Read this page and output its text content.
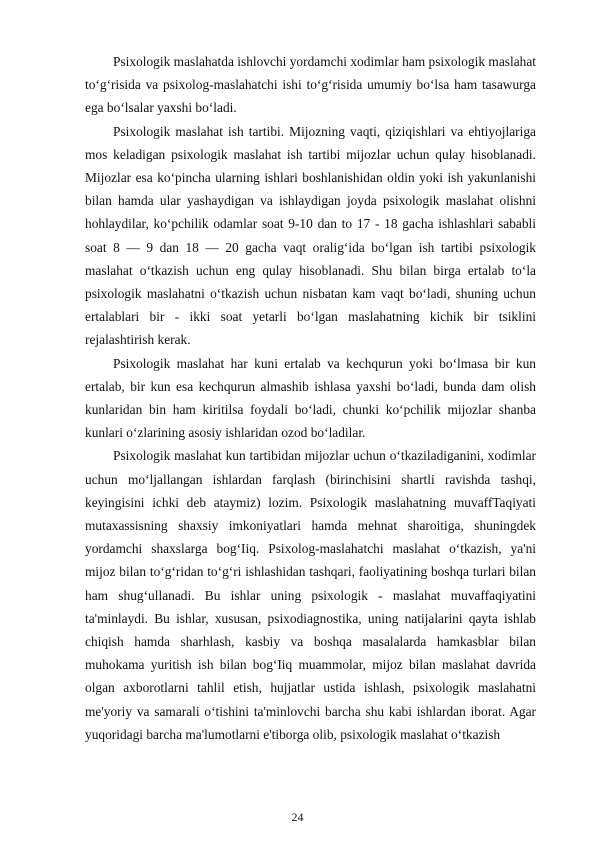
Psixologik maslahatda ishlovchi yordamchi xodimlar ham psixologik maslahat to‘g‘risida va psixolog-maslahatchi ishi to‘g‘risida umumiy bo‘lsa ham tasawurga ega bo‘lsalar yaxshi bo‘ladi.

Psixologik maslahat ish tartibi. Mijozning vaqti, qiziqishlari va ehtiyojlariga mos keladigan psixologik maslahat ish tartibi mijozlar uchun qulay hisoblanadi. Mijozlar esa ko‘pincha ularning ishlari boshlanishidan oldin yoki ish yakunlanishi bilan hamda ular yashaydigan va ishlaydigan joyda psixologik maslahat olishni hohlaydilar, ko‘pchilik odamlar soat 9-10 dan to 17 - 18 gacha ishlashlari sababli soat 8 — 9 dan 18 — 20 gacha vaqt oralig‘ida bo‘lgan ish tartibi psixologik maslahat o‘tkazish uchun eng qulay hisoblanadi. Shu bilan birga ertalab to‘la psixologik maslahatni o‘tkazish uchun nisbatan kam vaqt bo‘ladi, shuning uchun ertalablari bir - ikki soat yetarli bo‘lgan maslahatning kichik bir tsiklini rejalashtirish kerak.

Psixologik maslahat har kuni ertalab va kechqurun yoki bo‘lmasa bir kun ertalab, bir kun esa kechqurun almashib ishlasa yaxshi bo‘ladi, bunda dam olish kunlaridan bin ham kiritilsa foydali bo‘ladi, chunki ko‘pchilik mijozlar shanba kunlari o‘zlarining asosiy ishlaridan ozod bo‘ladilar.

Psixologik maslahat kun tartibidan mijozlar uchun o‘tkaziladiganini, xodimlar uchun mo‘ljallangan ishlardan farqlash (birinchisini shartli ravishda tashqi, keyingisini ichki deb ataymiz) lozim. Psixologik maslahatning muvaffTaqiyati mutaxassisning shaxsiy imkoniyatlari hamda mehnat sharoitiga, shuningdek yordamchi shaxslarga bog‘Iiq. Psixolog-maslahatchi maslahat o‘tkazish, ya'ni mijoz bilan to‘g‘ridan to‘g‘ri ishlashidan tashqari, faoliyatining boshqa turlari bilan ham shug‘ullanadi. Bu ishlar uning psixologik - maslahat muvaffaqiyatini ta'minlaydi. Bu ishlar, xususan, psixodiagnostika, uning natijalarini qayta ishlab chiqish hamda sharhlash, kasbiy va boshqa masalalarda hamkasblar bilan muhokama yuritish ish bilan bog‘Iiq muammolar, mijoz bilan maslahat davrida olgan axborotlarni tahlil etish, hujjatlar ustida ishlash, psixologik maslahatni me'yoriy va samarali o‘tishini ta'minlovchi barcha shu kabi ishlardan iborat. Agar yuqoridagi barcha ma'lumotlarni e'tiborga olib, psixologik maslahat o‘tkazish

24
